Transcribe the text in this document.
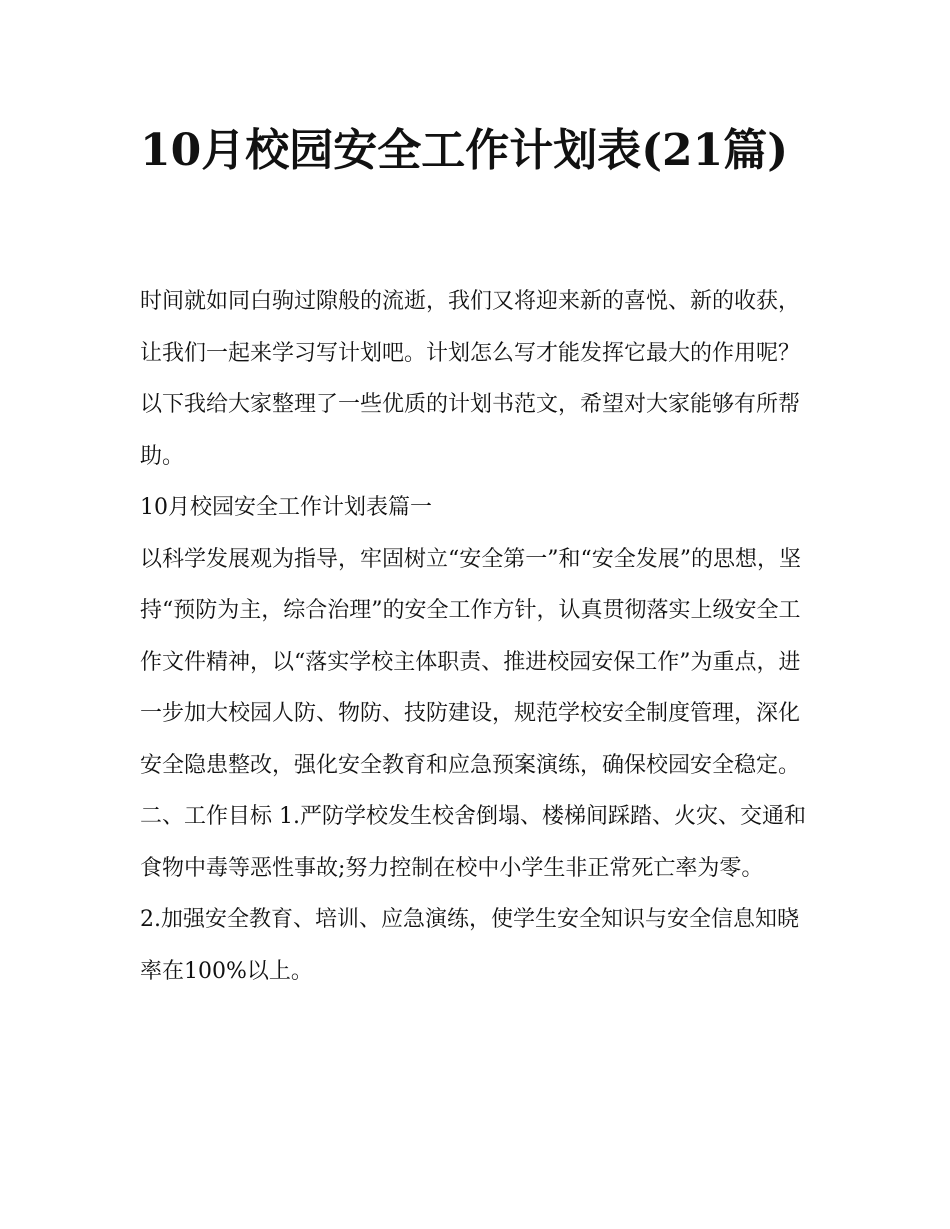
10月校园安全工作计划表(21篇)

时间就如同白驹过隙般的流逝，我们又将迎来新的喜悦、新的收获，让我们一起来学习写计划吧。计划怎么写才能发挥它最大的作用呢？以下我给大家整理了一些优质的计划书范文，希望对大家能够有所帮助。

10月校园安全工作计划表篇一

以科学发展观为指导，牢固树立“安全第一”和“安全发展”的思想，坚持“预防为主，综合治理”的安全工作方针，认真贯彻落实上级安全工作文件精神，以“落实学校主体职责、推进校园安保工作”为重点，进一步加大校园人防、物防、技防建设，规范学校安全制度管理，深化安全隐患整改，强化安全教育和应急预案演练，确保校园安全稳定。

二、工作目标 1.严防学校发生校舍倒塌、楼梯间踩踏、火灾、交通和食物中毒等恶性事故;努力控制在校中小学生非正常死亡率为零。

2.加强安全教育、培训、应急演练，使学生安全知识与安全信息知晓率在100%以上。
